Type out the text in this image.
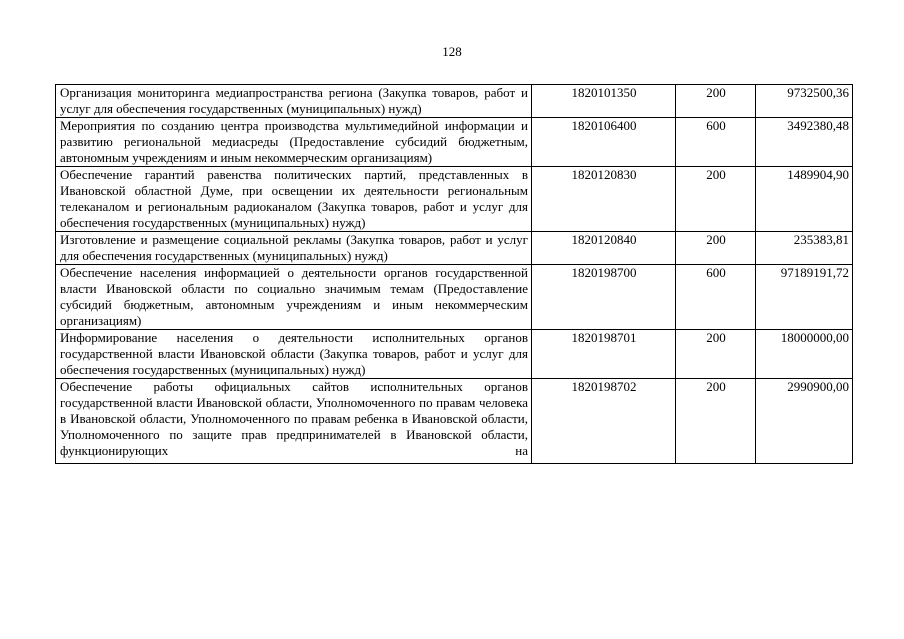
128
Организация мониторинга медиапространства региона (Закупка товаров, работ и услуг для обеспечения государственных (муниципальных) нужд)	1820101350	200	9732500,36
Мероприятия по созданию центра производства мультимедийной информации и развитию региональной медиасреды (Предоставление субсидий бюджетным, автономным учреждениям и иным некоммерческим организациям)	1820106400	600	3492380,48
Обеспечение гарантий равенства политических партий, представленных в Ивановской областной Думе, при освещении их деятельности региональным телеканалом и региональным радиоканалом (Закупка товаров, работ и услуг для обеспечения государственных (муниципальных) нужд)	1820120830	200	1489904,90
Изготовление и размещение социальной рекламы (Закупка товаров, работ и услуг для обеспечения государственных (муниципальных) нужд)	1820120840	200	235383,81
Обеспечение населения информацией о деятельности органов государственной власти Ивановской области по социально значимым темам (Предоставление субсидий бюджетным, автономным учреждениям и иным некоммерческим организациям)	1820198700	600	97189191,72
Информирование населения о деятельности исполнительных органов государственной власти Ивановской области (Закупка товаров, работ и услуг для обеспечения государственных (муниципальных) нужд)	1820198701	200	18000000,00

Обеспечение работы официальных сайтов исполнительных органов государственной власти Ивановской области, Уполномоченного по правам человека в Ивановской области, Уполномоченного по правам ребенка в Ивановской области, Уполномоченного по защите прав предпринимателей в Ивановской области, функционирующих на	1820198702	200	2990900,00
